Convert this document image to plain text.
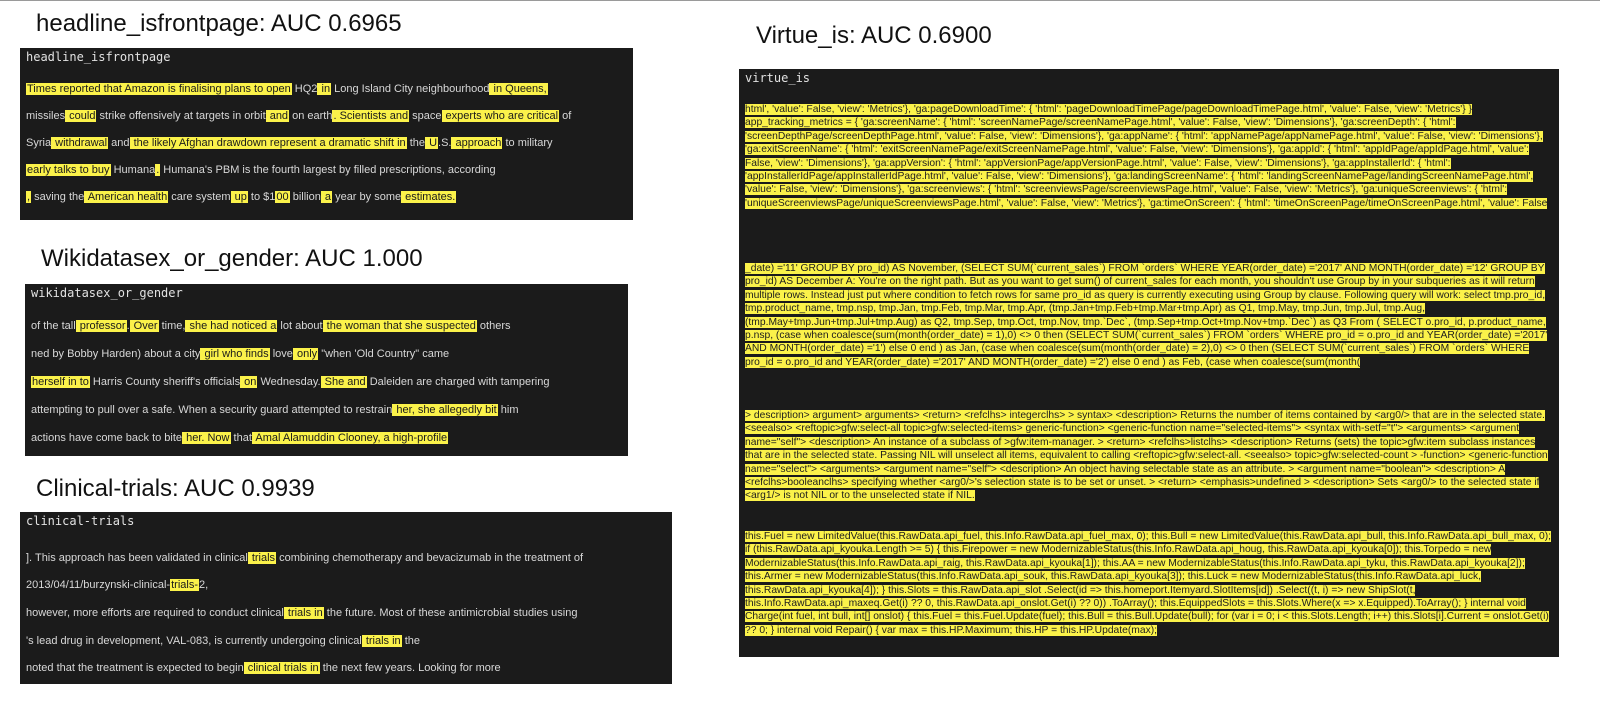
headline_isfrontpage: AUC 0.6965
headline_isfrontpage
Times reported that Amazon is finalising plans to open HQ2 in Long Island City neighbourhood in Queens,
missiles could strike offensively at targets in orbit and on earth. Scientists and space experts who are critical of
Syria withdrawal and the likely Afghan drawdown represent a dramatic shift in the U.S. approach to military
early talks to buy Humana. Humana's PBM is the fourth largest by filled prescriptions, according
, saving the American health care system up to $100 billion a year by some estimates.
Wikidatasex_or_gender: AUC 1.000
wikidatasex_or_gender
of the tall professor. Over time, she had noticed a lot about the woman that she suspected others
ned by Bobby Harden) about a city girl who finds love only "when 'Old Country" came
herself in to Harris County sheriff's officials on Wednesday. She and Daleiden are charged with tampering
attempting to pull over a safe. When a security guard attempted to restrain her, she allegedly bit him
actions have come back to bite her. Now that Amal Alamuddin Clooney, a high-profile
Clinical-trials: AUC 0.9939
clinical-trials
]. This approach has been validated in clinical trials combining chemotherapy and bevacizumab in the treatment of
2013/04/11/burzynski-clinical-trials-2,
however, more efforts are required to conduct clinical trials in the future. Most of these antimicrobial studies using
's lead drug in development, VAL-083, is currently undergoing clinical trials in the
noted that the treatment is expected to begin clinical trials in the next few years. Looking for more
Virtue_is: AUC 0.6900
virtue_is
html', 'value': False, 'view': 'Metrics'}, 'ga:pageDownloadTime': { 'html': 'pageDownloadTimePage/pageDownloadTimePage.html', 'value': False, 'view': 'Metrics'} } app_tracking_metrics = { 'ga:screenName': { 'html': 'screenNamePage/screenNamePage.html', 'value': False, 'view': 'Dimensions'}, 'ga:screenDepth': { 'html': 'screenDepthPage/screenDepthPage.html', 'value': False, 'view': 'Dimensions'}, 'ga:appName': { 'html': 'appNamePage/appNamePage.html', 'value': False, 'view': 'Dimensions'}, 'ga:exitScreenName': { 'html': 'exitScreenNamePage/exitScreenNamePage.html', 'value': False, 'view': 'Dimensions'}, 'ga:appId': { 'html': 'appIdPage/appIdPage.html', 'value': False, 'view': 'Dimensions'}, 'ga:appVersion': { 'html': 'appVersionPage/appVersionPage.html', 'value': False, 'view': 'Dimensions'}, 'ga:appInstallerId': { 'html': 'appInstallerIdPage/appInstallerIdPage.html', 'value': False, 'view': 'Dimensions'}, 'ga:landingScreenName': { 'html': 'landingScreenNamePage/landingScreenNamePage.html', 'value': False, 'view': 'Dimensions'}, 'ga:screenviews': { 'html': 'screenviewsPage/screenviewsPage.html', 'value': False, 'view': 'Metrics'}, 'ga:uniqueScreenviews': { 'html': 'uniqueScreenviewsPage/uniqueScreenviewsPage.html', 'value': False, 'view': 'Metrics'}, 'ga:timeOnScreen': { 'html': 'timeOnScreenPage/timeOnScreenPage.html', 'value': False
_date) ='11' GROUP BY pro_id) AS November, (SELECT SUM(`current_sales`) FROM `orders` WHERE YEAR(order_date) ='2017' AND MONTH(order_date) ='12' GROUP BY pro_id) AS December A: You're on the right path. But as you want to get sum() of current_sales for each month, you shouldn't use Group by in your subqueries as it will return multiple rows. Instead just put where condition to fetch rows for same pro_id as query is currently executing using Group by clause. Following query will work: select tmp.pro_id, tmp.product_name, tmp.nsp, tmp.Jan, tmp.Feb, tmp.Mar, tmp.Apr, (tmp.Jan+tmp.Feb+tmp.Mar+tmp.Apr) as Q1, tmp.May, tmp.Jun, tmp.Jul, tmp.Aug, (tmp.May+tmp.Jun+tmp.Jul+tmp.Aug) as Q2, tmp.Sep, tmp.Oct, tmp.Nov, tmp.`Dec`, (tmp.Sep+tmp.Oct+tmp.Nov+tmp.`Dec`) as Q3 From ( SELECT o.pro_id, p.product_name, p.nsp, (case when coalesce(sum(month(order_date) = 1),0) <> 0 then (SELECT SUM(`current_sales`) FROM `orders` WHERE pro_id = o.pro_id and YEAR(order_date) ='2017' AND MONTH(order_date) ='1') else 0 end ) as Jan, (case when coalesce(sum(month(order_date) = 2),0) <> 0 then (SELECT SUM(`current_sales`) FROM `orders` WHERE pro_id = o.pro_id and YEAR(order_date) ='2017' AND MONTH(order_date) ='2') else 0 end ) as Feb, (case when coalesce(sum(month(
> description> argument> arguments> <return> <refclhs> integerclhs> > syntax> <description> Returns the number of items contained by <arg0/> that are in the selected state. <seealso> <reftopic>gfw:select-all topic>gfw:selected-items> generic-function> <generic-function name="selected-items"> <syntax with-setf="t"> <arguments> <argument name="self"> <description> An instance of a subclass of >gfw:item-manager. > <return> <refclhs>listclhs> <description> Returns (sets) the topic>gfw:item subclass instances that are in the selected state. Passing NIL will unselect all items, equivalent to calling <reftopic>gfw:select-all. <seealso> topic>gfw:selected-count > -function> <generic-function name="select"> <arguments> <argument name="self"> <description> An object having selectable state as an attribute. > <argument name="boolean"> <description> A <refclhs>booleanclhs> specifying whether <arg0/>'s selection state is to be set or unset. > <return> <emphasis>undefined > <description> Sets <arg0/> to the selected state if <arg1/> is not NIL or to the unselected state if NIL.
this.Fuel = new LimitedValue(this.RawData.api_fuel, this.Info.RawData.api_fuel_max, 0); this.Bull = new LimitedValue(this.RawData.api_bull, this.Info.RawData.api_bull_max, 0); if (this.RawData.api_kyouka.Length >= 5) { this.Firepower = new ModernizableStatus(this.Info.RawData.api_houg, this.RawData.api_kyouka[0]); this.Torpedo = new ModernizableStatus(this.Info.RawData.api_raig, this.RawData.api_kyouka[1]); this.AA = new ModernizableStatus(this.Info.RawData.api_tyku, this.RawData.api_kyouka[2]); this.Armer = new ModernizableStatus(this.Info.RawData.api_souk, this.RawData.api_kyouka[3]); this.Luck = new ModernizableStatus(this.Info.RawData.api_luck, this.RawData.api_kyouka[4]); } this.Slots = this.RawData.api_slot .Select(id => this.homeport.Itemyard.SlotItems[id]) .Select((t, i) => new ShipSlot(t, this.Info.RawData.api_maxeq.Get(i) ?? 0, this.RawData.api_onslot.Get(i) ?? 0)) .ToArray(); this.EquippedSlots = this.Slots.Where(x => x.Equipped).ToArray(); } internal void Charge(int fuel, int bull, int[] onslot) { this.Fuel = this.Fuel.Update(fuel); this.Bull = this.Bull.Update(bull); for (var i = 0; i < this.Slots.Length; i++) this.Slots[i].Current = onslot.Get(i) ?? 0; } internal void Repair() { var max = this.HP.Maximum; this.HP = this.HP.Update(max);
